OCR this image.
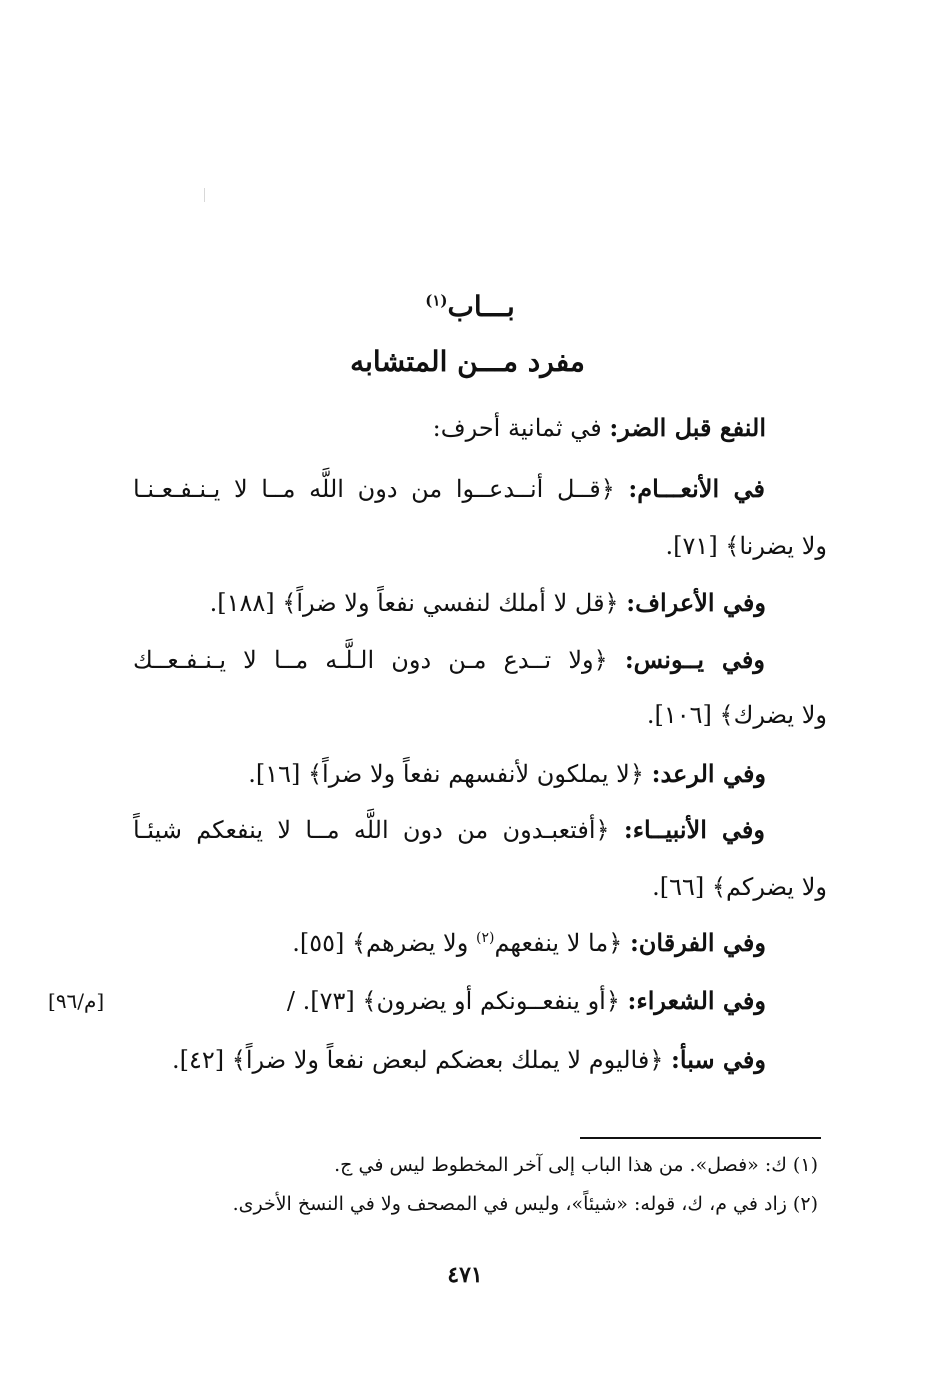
بـــاب$^{(١)}$
مفرد مـــن المتشابه
النفع قبل الضر: في ثمانية أحرف:
في الأنعـــام: ﴿قــل أنــدعــوا من دون اللَّه مــا لا يـنـفـعـنـا
ولا يضرنا﴾ [٧١].
وفي الأعراف: ﴿قل لا أملك لنفسي نفعاً ولا ضراً﴾ [١٨٨].
وفي يــونس: ﴿ولا تــدع مـن دون الـلَّـه مــا لا يـنـفـعــك
ولا يضرك﴾ [١٠٦].
وفي الرعد: ﴿لا يملكون لأنفسهم نفعاً ولا ضراً﴾ [١٦].
وفي الأنبيــاء: ﴿أفتعبـدون من دون اللَّه مــا لا ينفعكم شيئـاً
ولا يضركم﴾ [٦٦].
وفي الفرقان: ﴿ما لا ينفعهم$^{(٢)}$ ولا يضرهم﴾ [٥٥].
وفي الشعراء: ﴿أو ينفعــونكم أو يضرون﴾ [٧٣]. /
[م/٩٦]
وفي سبأ: ﴿فاليوم لا يملك بعضكم لبعض نفعاً ولا ضراً﴾ [٤٢].
(١) ك: «فصل». من هذا الباب إلى آخر المخطوط ليس في ج.
(٢) زاد في م، ك، قوله: «شيئاً»، وليس في المصحف ولا في النسخ الأخرى.
٤٧١
